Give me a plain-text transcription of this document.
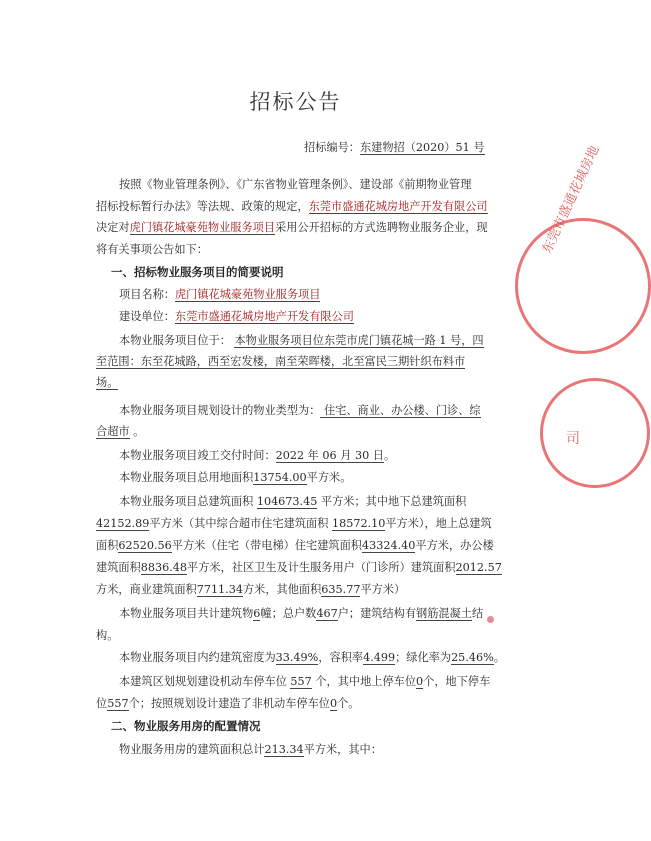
东莞市盛通花城房地
司
招标公告
招标编号：东建物招（2020）51 号
按照《物业管理条例》、《广东省物业管理条例》、建设部《前期物业管理
招标投标暂行办法》等法规、政策的规定，东莞市盛通花城房地产开发有限公司
决定对虎门镇花城豪苑物业服务项目采用公开招标的方式选聘物业服务企业，现
将有关事项公告如下：
一、招标物业服务项目的简要说明
项目名称：虎门镇花城豪苑物业服务项目
建设单位：东莞市盛通花城房地产开发有限公司
本物业服务项目位于： 本物业服务项目位东莞市虎门镇花城一路 1 号，四
至范围：东至花城路，西至宏发楼，南至荣晖楼，北至富民三期针织布料市
场。
本物业服务项目规划设计的物业类型为： 住宅、商业、办公楼、门诊、综
合超市 。
本物业服务项目竣工交付时间：2022 年 06 月 30 日。
本物业服务项目总用地面积13754.00平方米。
本物业服务项目总建筑面积 104673.45 平方米；其中地下总建筑面积
42152.89平方米（其中综合超市住宅建筑面积 18572.10平方米），地上总建筑
面积62520.56平方米（住宅（带电梯）住宅建筑面积43324.40平方米，办公楼
建筑面积8836.48平方米，社区卫生及计生服务用户（门诊所）建筑面积2012.57
方米，商业建筑面积7711.34方米，其他面积635.77平方米）
本物业服务项目共计建筑物6幢；总户数467户；建筑结构有钢筋混凝土结
构。
本物业服务项目内约建筑密度为33.49%，容积率4.499；绿化率为25.46%。
本建筑区划规划建设机动车停车位 557 个，其中地上停车位0个，地下停车
位557个；按照规划设计建造了非机动车停车位0个。
二、物业服务用房的配置情况
物业服务用房的建筑面积总计213.34平方米，其中：
